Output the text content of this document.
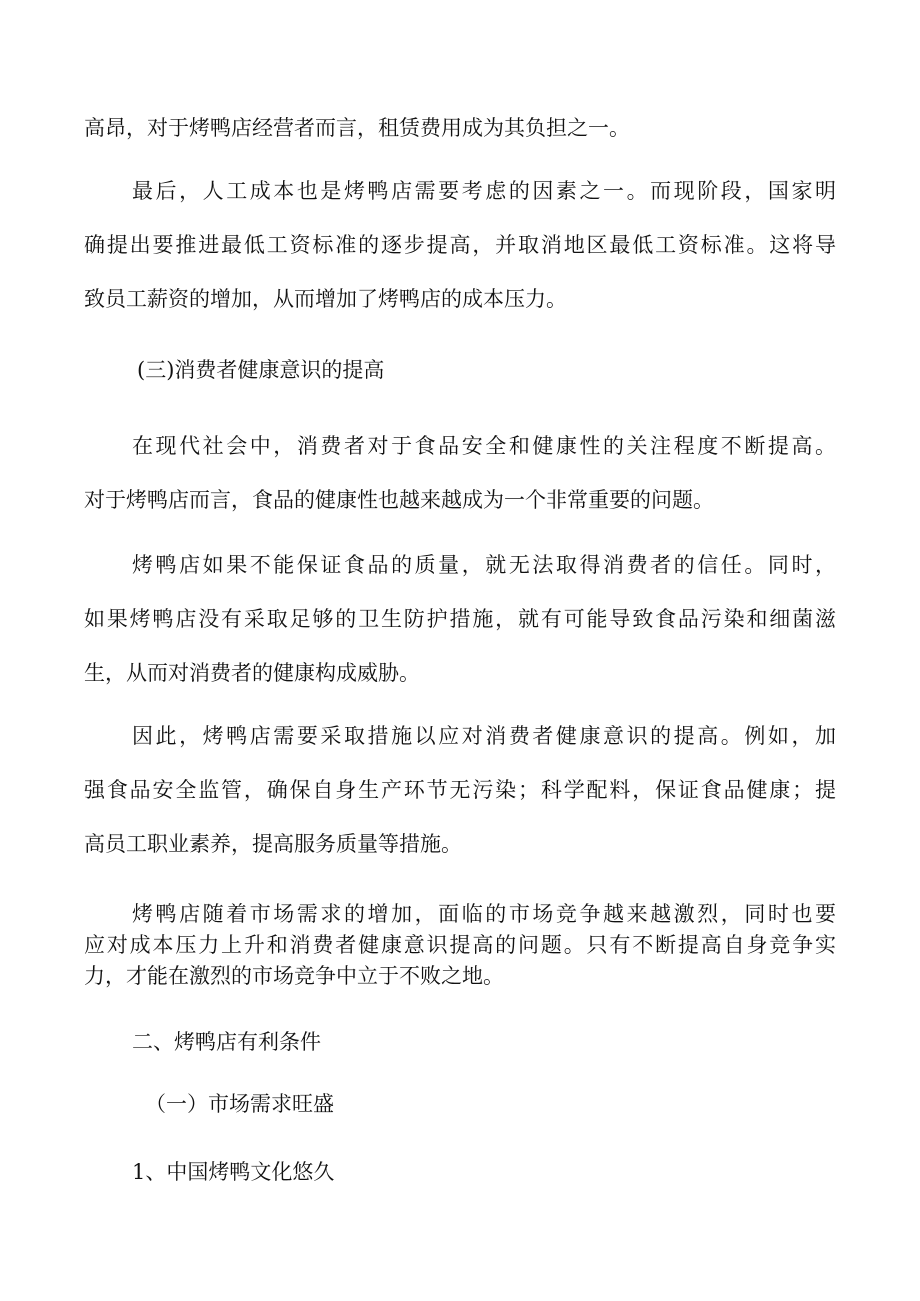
高昂，对于烤鸭店经营者而言，租赁费用成为其负担之一。
最后，人工成本也是烤鸭店需要考虑的因素之一。而现阶段，国家明
确提出要推进最低工资标准的逐步提高，并取消地区最低工资标准。这将导
致员工薪资的增加，从而增加了烤鸭店的成本压力。
(三)消费者健康意识的提高
在现代社会中，消费者对于食品安全和健康性的关注程度不断提高。
对于烤鸭店而言，食品的健康性也越来越成为一个非常重要的问题。
烤鸭店如果不能保证食品的质量，就无法取得消费者的信任。同时，
如果烤鸭店没有采取足够的卫生防护措施，就有可能导致食品污染和细菌滋
生，从而对消费者的健康构成威胁。
因此，烤鸭店需要采取措施以应对消费者健康意识的提高。例如，加
强食品安全监管，确保自身生产环节无污染；科学配料，保证食品健康；提
高员工职业素养，提高服务质量等措施。
烤鸭店随着市场需求的增加，面临的市场竞争越来越激烈，同时也要
应对成本压力上升和消费者健康意识提高的问题。只有不断提高自身竞争实
力，才能在激烈的市场竞争中立于不败之地。
二、烤鸭店有利条件
（一）市场需求旺盛
1、中国烤鸭文化悠久
